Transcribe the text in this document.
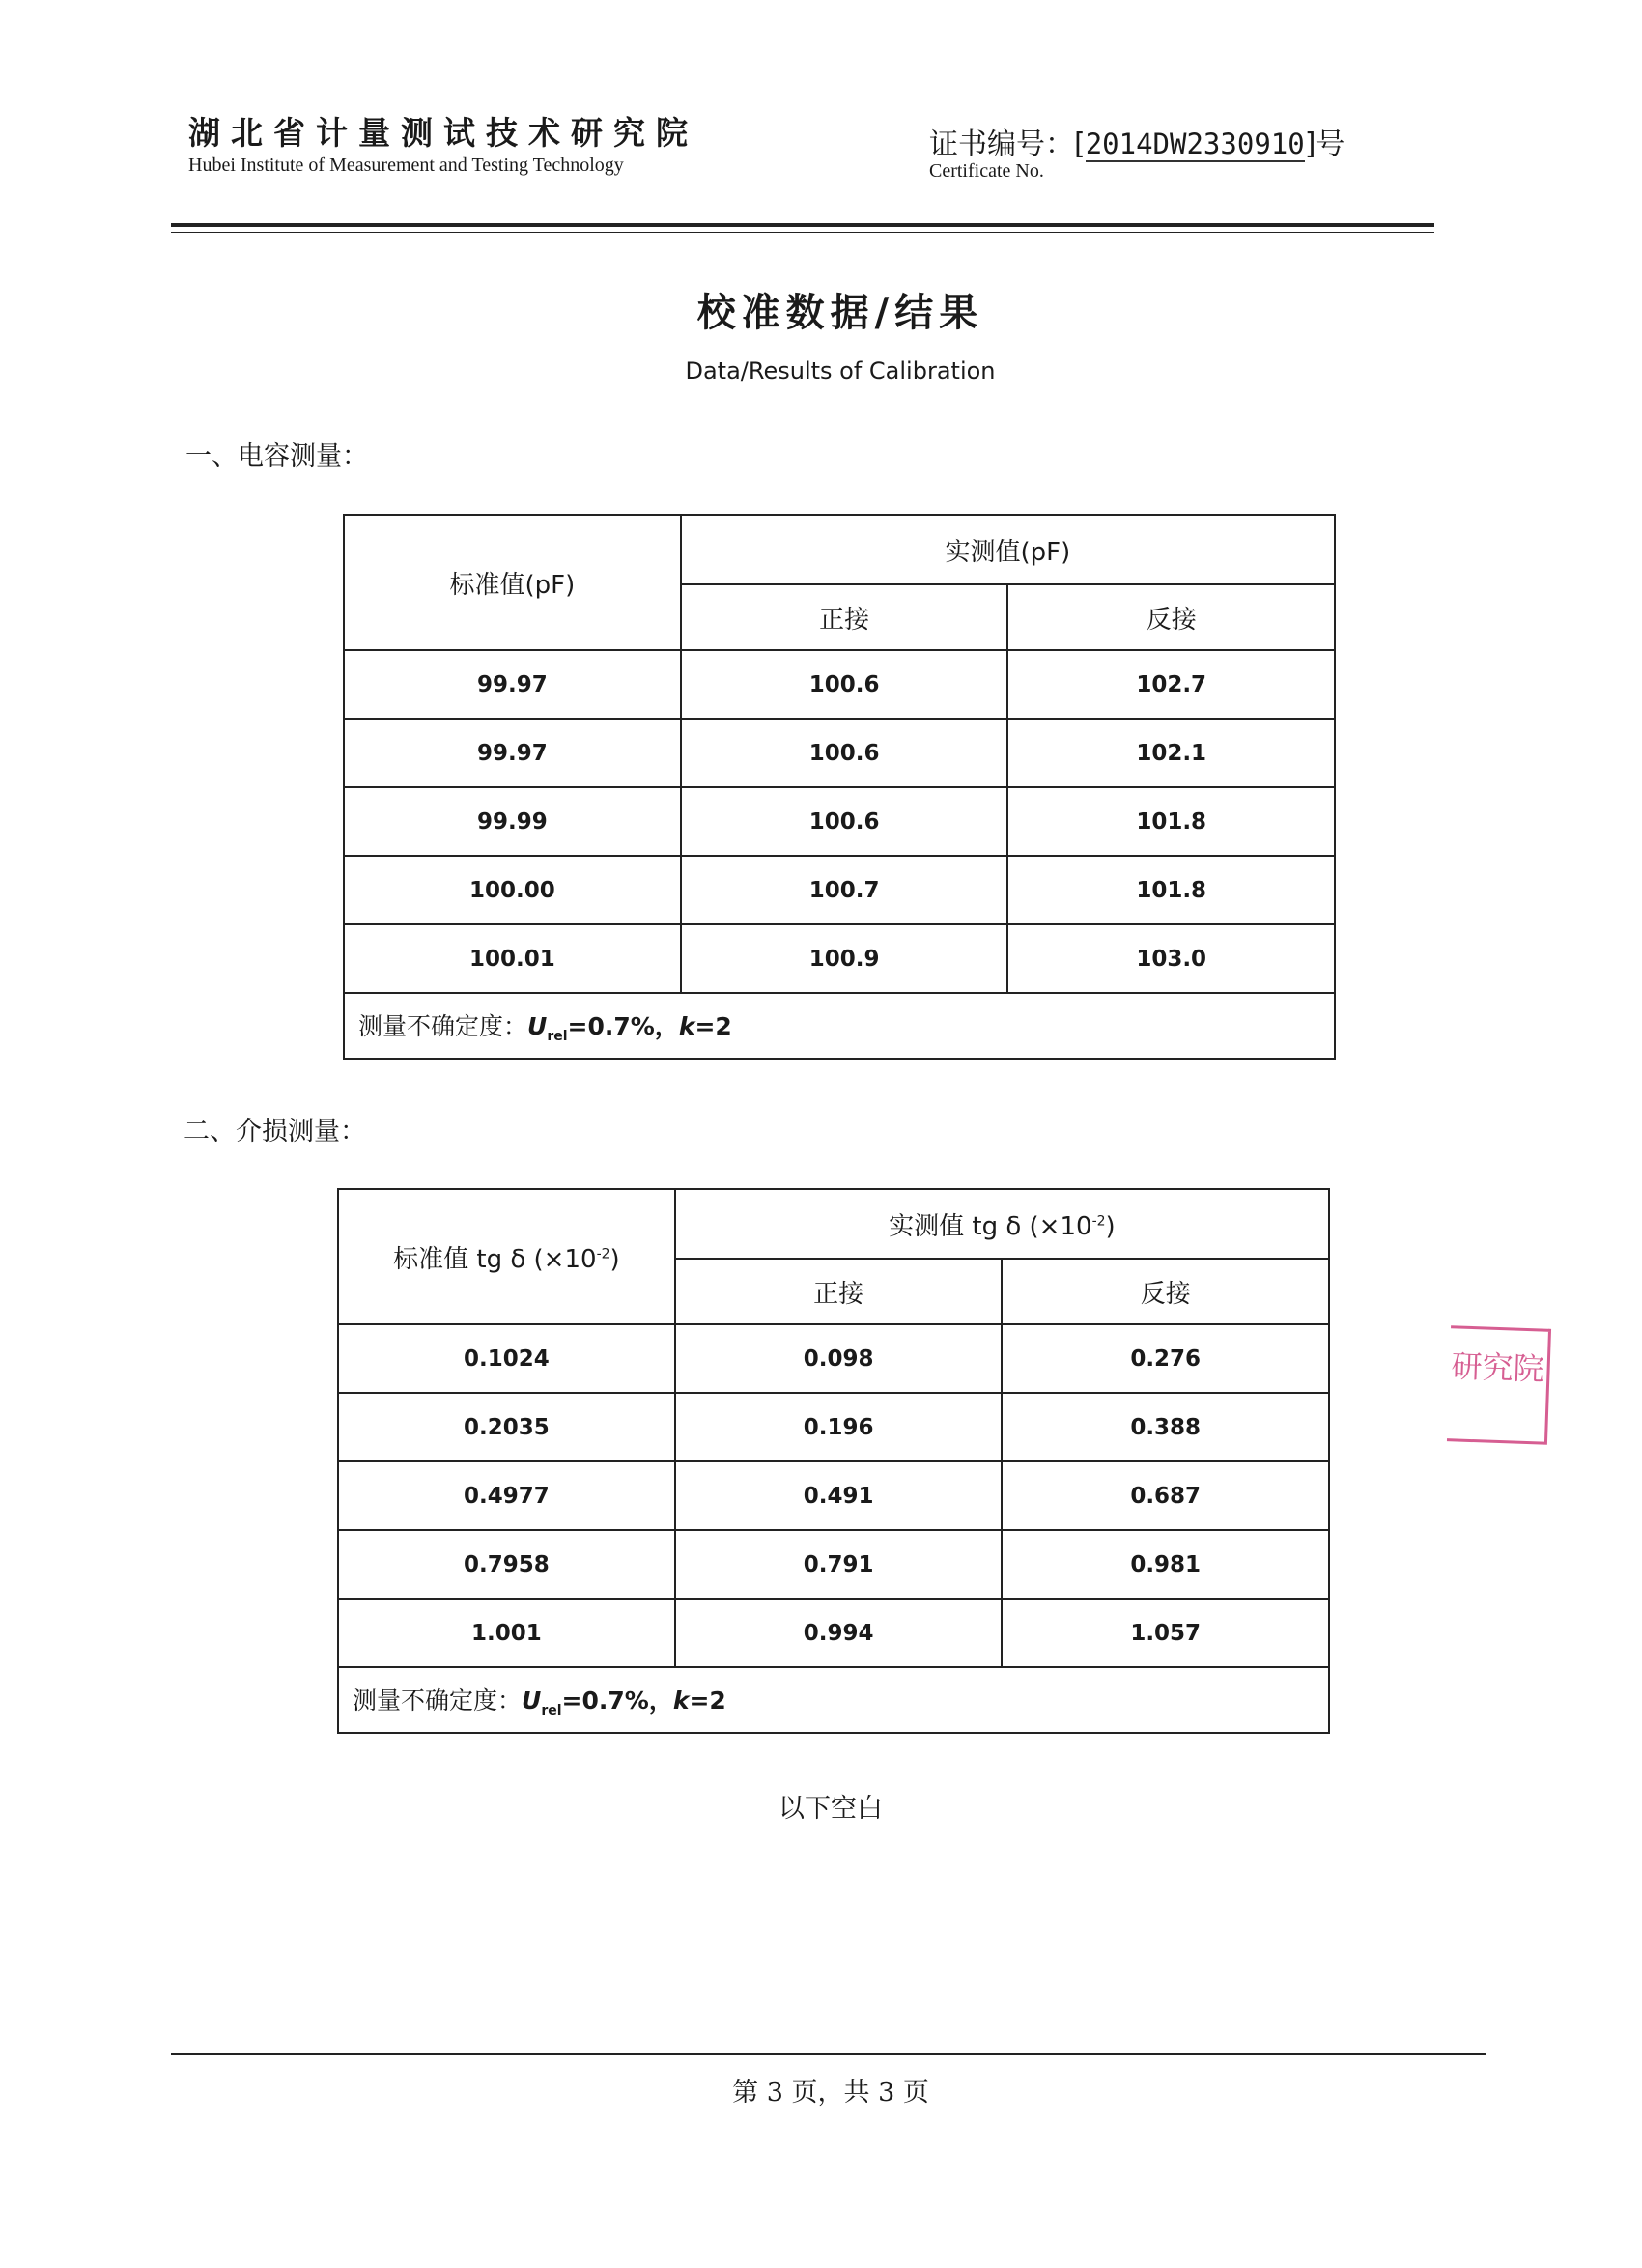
湖北省计量测试技术研究院
Hubei Institute of Measurement and Testing Technology
证书编号：[2014DW2330910]号
Certificate No.
校准数据/结果
Data/Results of Calibration
一、电容测量：
标准值(pF)	实测值(pF)	
	正接	反接
99.97	100.6	102.7
99.97	100.6	102.1
99.99	100.6	101.8
100.00	100.7	101.8
100.01	100.9	103.0
测量不确定度：$U_{rel}=0.7\%$，k=2		
二、介损测量：
标准值 tg δ $(\times 10^{-2})$	实测值 tg δ $(\times 10^{-2})$	
	正接	反接
0.1024	0.098	0.276
0.2035	0.196	0.388
0.4977	0.491	0.687
0.7958	0.791	0.981
1.001	0.994	1.057
测量不确定度：$U_{rel}=0.7\%$，k=2		
以下空白
研究院
第 3 页，共 3 页
